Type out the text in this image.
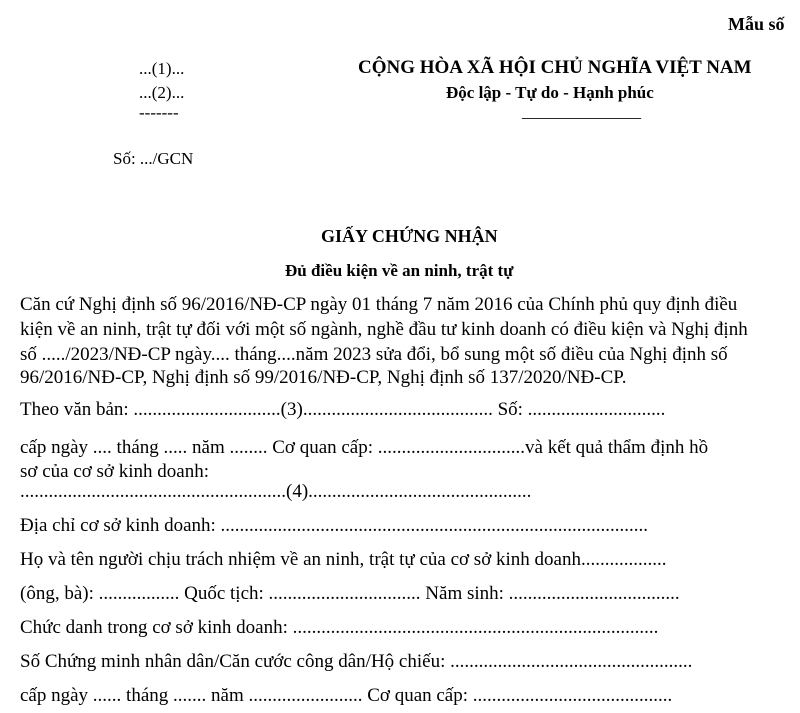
Mẫu số
...(1)...
...(2)...
-------
CỘNG HÒA XÃ HỘI CHỦ NGHĨA VIỆT NAM
Độc lập - Tự do - Hạnh phúc
______________
Số: .../GCN
GIẤY CHỨNG NHẬN
Đủ điều kiện về an ninh, trật tự
Căn cứ Nghị định số 96/2016/NĐ-CP ngày 01 tháng 7 năm 2016 của Chính phủ quy định điều
kiện về an ninh, trật tự đối với một số ngành, nghề đầu tư kinh doanh có điều kiện và Nghị định
số ...../2023/NĐ-CP ngày.... tháng....năm 2023 sửa đổi, bổ sung một số điều của Nghị định số
96/2016/NĐ-CP, Nghị định số 99/2016/NĐ-CP, Nghị định số 137/2020/NĐ-CP.
Theo văn bản: ...............................(3)........................................ Số: .............................
cấp ngày .... tháng ..... năm ........ Cơ quan cấp: ...............................và kết quả thẩm định hồ
sơ của cơ sở kinh doanh:
........................................................(4)...............................................
Địa chỉ cơ sở kinh doanh: ..........................................................................................
Họ và tên người chịu trách nhiệm về an ninh, trật tự của cơ sở kinh doanh..................
(ông, bà): ................. Quốc tịch: ................................ Năm sinh: ....................................
Chức danh trong cơ sở kinh doanh: .............................................................................
Số Chứng minh nhân dân/Căn cước công dân/Hộ chiếu: ...................................................
cấp ngày ...... tháng ....... năm ........................ Cơ quan cấp: ..........................................
